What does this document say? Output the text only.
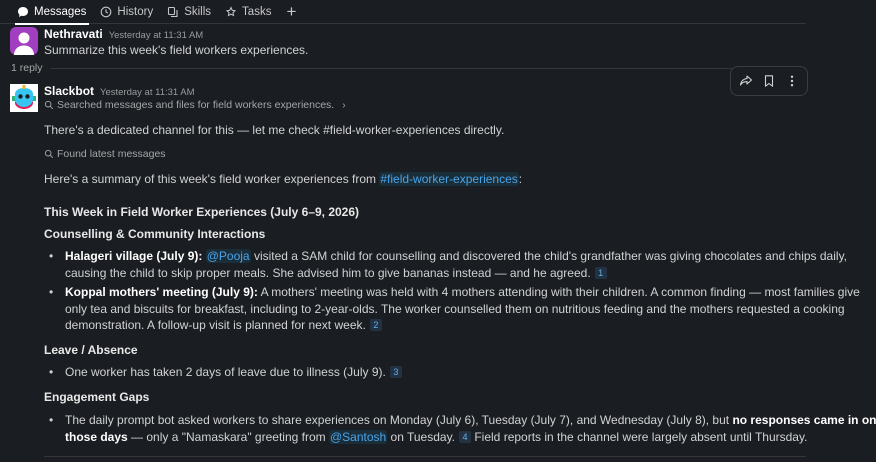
Messages	History	Skills	Tasks +
Nethravati Yesterday at 11:31 AM
Summarize this week's field workers experiences.
1 reply
Slackbot Yesterday at 11:31 AM
Searched messages and files for field workers experiences. ›
There's a dedicated channel for this — let me check #field-worker-experiences directly.
Found latest messages
Here's a summary of this week's field worker experiences from #field-worker-experiences:
This Week in Field Worker Experiences (July 6–9, 2026)
Counselling & Community Interactions
• Halageri village (July 9): @Pooja visited a SAM child for counselling and discovered the child's grandfather was giving chocolates and chips daily,
causing the child to skip proper meals. She advised him to give bananas instead — and he agreed. 1
• Koppal mothers' meeting (July 9): A mothers' meeting was held with 4 mothers attending with their children. A common finding — most families give
only tea and biscuits for breakfast, including to 2-year-olds. The worker counselled them on nutritious feeding and the mothers requested a cooking
demonstration. A follow-up visit is planned for next week. 2
Leave / Absence
• One worker has taken 2 days of leave due to illness (July 9). 3
Engagement Gaps
• The daily prompt bot asked workers to share experiences on Monday (July 6), Tuesday (July 7), and Wednesday (July 8), but no responses came in on
those days — only a "Namaskara" greeting from @Santosh on Tuesday. 4 Field reports in the channel were largely absent until Thursday.
